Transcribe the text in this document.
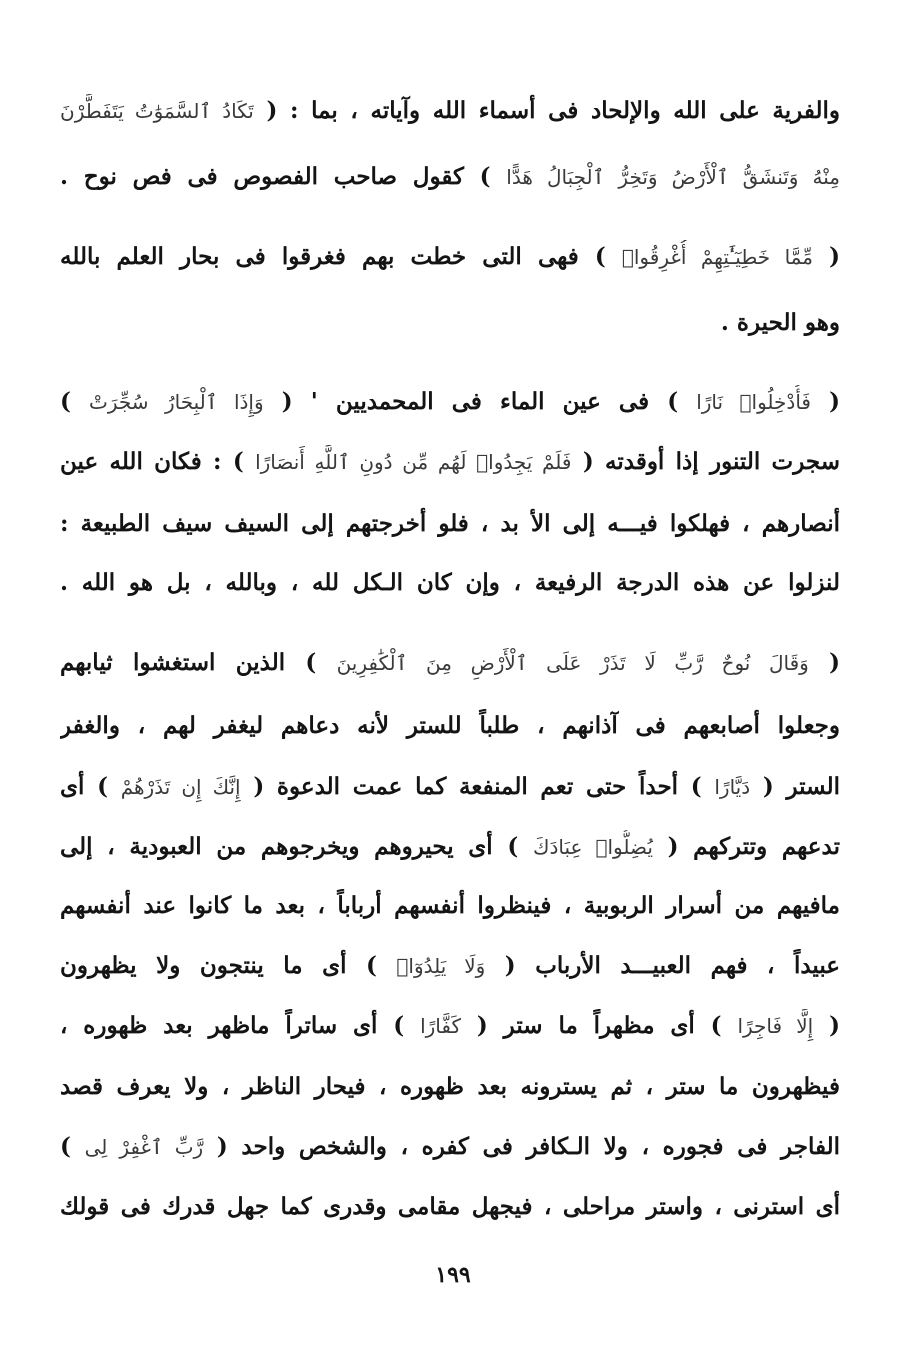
والفرية على الله والإلحاد فى أسماء الله وآياته ، بما : ( تَكَادُ ٱلسَّمَوَٰتُ يَتَفَطَّرْنَ
مِنْهُ وَتَنشَقُّ ٱلْأَرْضُ وَتَخِرُّ ٱلْجِبَالُ هَدًّا ) كقول صاحب الفصوص فى فص نوح .
( مِّمَّا خَطِيٓـَٰٔتِهِمْ أُغْرِقُوا۟ ) فهى التى خطت بهم فغرقوا فى بحار العلم بالله
وهو الحيرة .
( فَأُدْخِلُوا۟ نَارًا ) فى عين الماء فى المحمديين ' ( وَإِذَا ٱلْبِحَارُ سُجِّرَتْ )
سجرت التنور إذا أوقدته ( فَلَمْ يَجِدُوا۟ لَهُم مِّن دُونِ ٱللَّهِ أَنصَارًا ) : فكان الله عين
أنصارهم ، فهلكوا فيـــه إلى الأ بد ، فلو أخرجتهم إلى السيف سيف الطبيعة :
لنزلوا عن هذه الدرجة الرفيعة ، وإن كان الـكل لله ، وبالله ، بل هو الله .
( وَقَالَ نُوحٌ رَّبِّ لَا تَذَرْ عَلَى ٱلْأَرْضِ مِنَ ٱلْكَٰفِرِينَ ) الذين استغشوا ثيابهم
وجعلوا أصابعهم فى آذانهم ، طلباً للستر لأنه دعاهم ليغفر لهم ، والغفر
الستر ( دَيَّارًا ) أحداً حتى تعم المنفعة كما عمت الدعوة ( إِنَّكَ إِن تَذَرْهُمْ ) أى
تدعهم وتتركهم ( يُضِلُّوا۟ عِبَادَكَ ) أى يحيروهم ويخرجوهم من العبودية ، إلى
مافيهم من أسرار الربوبية ، فينظروا أنفسهم أرباباً ، بعد ما كانوا عند أنفسهم
عبيداً ، فهم العبيـــد الأرباب ( وَلَا يَلِدُوٓا۟ ) أى ما ينتجون ولا يظهرون
( إِلَّا فَاجِرًا ) أى مظهراً ما ستر ( كَفَّارًا ) أى ساتراً ماظهر بعد ظهوره ،
فيظهرون ما ستر ، ثم يسترونه بعد ظهوره ، فيحار الناظر ، ولا يعرف قصد
الفاجر فى فجوره ، ولا الـكافر فى كفره ، والشخص واحد ( رَّبِّ ٱغْفِرْ لِى )
أى استرنى ، واستر مراحلى ، فيجهل مقامى وقدرى كما جهل قدرك فى قولك
١٩٩
